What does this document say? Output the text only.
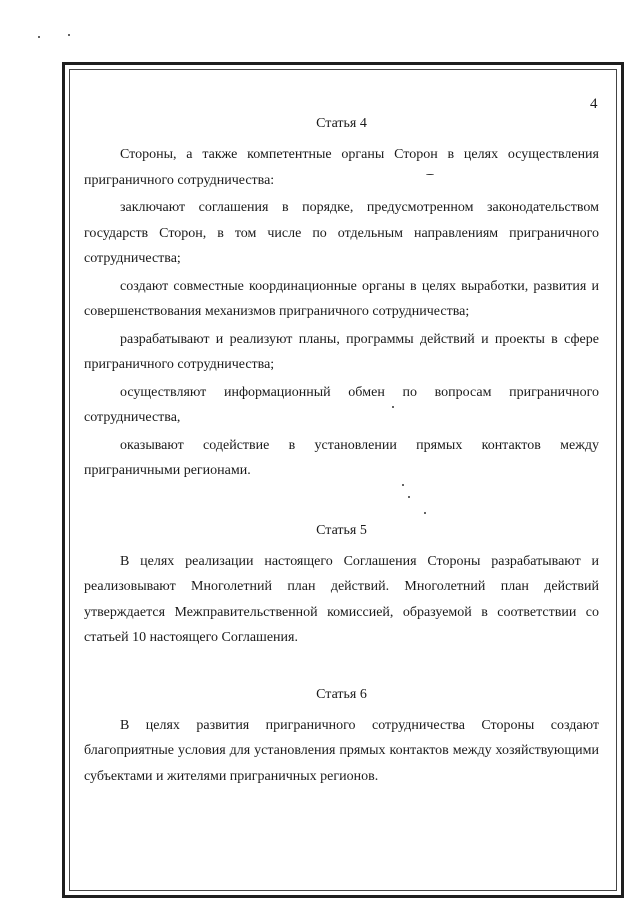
4
Статья 4

Стороны, а также компетентные органы Сторон в целях осуществления приграничного сотрудничества:

заключают соглашения в порядке, предусмотренном законодательством государств Сторон, в том числе по отдельным направлениям приграничного сотрудничества;

создают совместные координационные органы в целях выработки, развития и совершенствования механизмов приграничного сотрудничества;

разрабатывают и реализуют планы, программы действий и проекты в сфере приграничного сотрудничества;

осуществляют информационный обмен по вопросам приграничного сотрудничества,

оказывают содействие в установлении прямых контактов между приграничными регионами.

Статья 5

В целях реализации настоящего Соглашения Стороны разрабатывают и реализовывают Многолетний план действий. Многолетний план действий утверждается Межправительственной комиссией, образуемой в соответствии со статьей 10 настоящего Соглашения.

Статья 6

В целях развития приграничного сотрудничества Стороны создают благоприятные условия для установления прямых контактов между хозяйствующими субъектами и жителями приграничных регионов.
